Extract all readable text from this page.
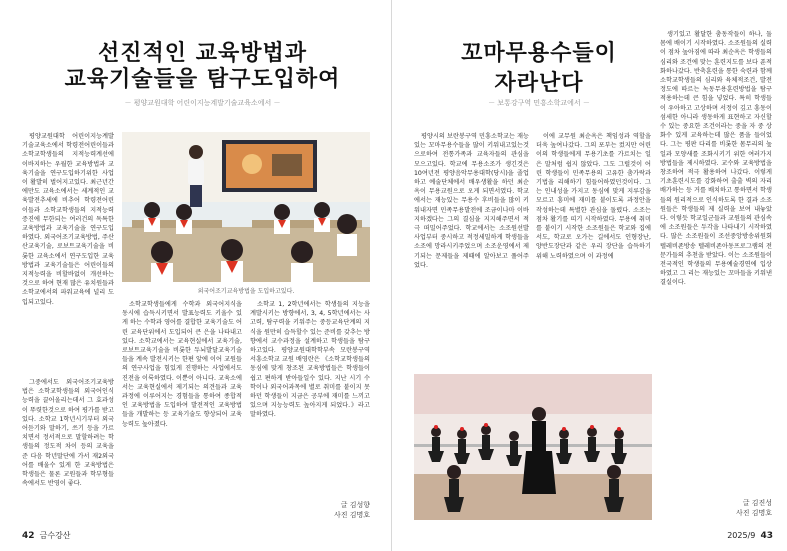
선진적인 교육방법과
교육기술들을 탐구도입하여
－ 평양교원대학 어린이지능계발기술교육소에서 －
평양교원대학 어린이지능계발기술교육소에서 학령전어린이들과 소학교학생들의 지적능력계선에 이바지하는 우월한 교육방법과 교육기술을 연구도입하기위한 사업이 활발히 벌어지고있다. 최근년간에만도 교육소에서는 세계적인 교육발전추세에 비추어 학령전어린이들과 소학교학생들의 지적능력증진에 무한되는 여러건의 독특한 교육방법과 교육기술을 연구도입하였다. 외국어조기교육방법, 주산산교육기술, 로보트교육기술을 비롯한 교육소에서 연구도입한 교육방법과 교육기술들은 어린이들의 지적능력을 비할바없이 개선하는것으로 하여 현재 많은 유치원들과 소학교에서의 파워교육에 널리 도입되고있다.
그중에서도 외국어조기교육방법은 소학교학생들의 외국어인식능력을 끌어올리는데서 그 효과성이 뚜렷한것으로 하여 평가를 받고있다. 소학교 1학년시기부터 외국어듣기와 말하기, 쓰기 등을 가르치면서 정서적으로 말할하려는 학생들의 정도적 차이 등의 교육을 준 다음 학년말단에 가서 재2외국어를 배울수 있게 한 교육방법은 학생들은 물론 교원들과 학부형들속에서도 반영이 좋다.
소학교학생들에게 수학과 외국어지식을 동시에 습득시키면서 발표능력도 키울수 있게 하는 수학과 영어를 결합한 교육기술도 어린 교육단위에서 도입되어 큰 은을 나타내고있다. 소학교에서는 교육현실에서 교육기술, 로보트교육기술을 비롯한 두뇌발달교육기술들을 계속 발전시키는 한편 앞에 이어 교원들의 연구사업을 힘있게 진행하는 사업에서도 진전을 이룩하였다. 이뿐이 아니다. 교육소에서는 교육현실에서 제기되는 의견들과 교육과정에 이루어지는 경험들을 통하여 종합적인 교육방법을 도입하여 발전적인 교육방법들을 개발하는 등 교육기술도 향상되어 교육능력도 높아졌다.
소학교 1, 2학년에서는 학생들의 지능을 계발시키는 방향에서, 3, 4, 5학년에서는 사고력, 탐구력을 키워주는 중등교육단계의 지식을 원만히 습득할수 있는 준비를 갖추는 방향에서 교수과정을 설계하고 학생들을 탐구하고있다. 평양교원대학학부속 모란봉구역 서흥소학교 교원 배영란은 《소학교학생들의 동심에 맞게 창조된 교육방법들은 학생들이 쉽고 편하게 받아들일수 있다. 지난 시기 수학이나 외국어과목에 별로 취미를 붙이지 못하던 학생들이 지금은 공부에 재미를 느끼고있으며 지능능력도 높아지게 되었다.》라고 말하였다.
외국어조기교육방법을 도입하고있다.
글 김성향
사진 김명호
42 금수강산
꼬마무용수들이
자라난다
－ 보통강구역 민흥소학교에서 －
평양시의 보란봉구역 민흥소학교는 재능있는 꼬마무용수들을 많이 키워내고있는것으로하여 전통가족과 교육자들의 관심을 모으고있다. 학교에 무용소조가 생긴것은 10여년전 평양음악무용대학(당시)을 졸업하고 예술단체에서 배우생활을 하던 최순옥이 무용교원으로 오게 되면서였다. 학교에서는 재능있는 무용수 후비들을 많이 키워내자면 민족무용발전에 조금이나마 이바지하겠다는 그의 결심을 지지해주면서 적극 떠밀어주었다. 학교에서는 소조원선발 사업부터 중시하고 적정세밀하게 학생들을 소조에 망라시키주었으며 소조운영에서 제기되는 문제들을 제때에 알아보고 풀어주었다.
이에 교무원 최순옥은 책임성과 역할을 더욱 높여나갔다. 그의 포부는 컸지만 어린이의 학생들에게 무용기초를 가르치는 일은 말처럼 쉽지 않았다. 그도 그럴것이 어린 학생들이 민족무용의 고유한 춤가락과 기법을 리해하기 힘들어하였던것이다. 그는 인내성을 가지고 동심에 맞게 지루감을 모르고 흥미에 재미를 붙이도록 과정안을 작성하는데 특별한 관심을 돌렸다. 소조는 점차 활기를 띠기 시작하였다. 무용에 취미를 붙이기 시작한 소조원들은 학교와 집에서도, 학교로 오가는 길에서도 인형장난, 양반도장단과 같은 우리 장단을 습득하기위해 노력하였으며 이 과정에
생기있고 활달한 춤동작들이 하나, 둘 몸에 배이기 시작하였다. 소조원들의 실력이 점차 높아짐에 따라 최순옥은 학생들의 심리와 조건에 맞는 훈련지도를 보다 푼적화하나갔다. 반축훈련을 통한 숙련과 함께 소학교학생들의 심리와 육체적조건, 발전정도에 따르는 녹동무용훈련방법을 탐구적용하는데 큰 힘을 넣었다. 특히 학생들이 우아하고 고상하며 서정이 깊고 흥동이 섬세한 아니라 생동하게 표현하고 자신할 수 있는 중요한 조건이라는 중을 자 중 상화수 있게 교육하는데 많은 품을 들이었다. 그는 평판 다리를 비롯한 몸무리의 높일과 모양새를 조화시키기 위한 여러가지 방법들을 제시하였다. 교수와 교육방법을 창조하여 적극 활용하여 나갔다. 이렇게 기초훈련시도를 강화하여 출출 벽의 자리 배가하는 등 거를 배치하고 통하면서 학생들의 원리적으로 인식하도록 한 결과 소조원들은 학생들의 제 실력을 보여 내놓았다. 이렇듯 학교일군들과 교원들의 관심속에 소조원들은 두각을 나타내기 시작하였다. 많은 소조원들이 조선중앙방송위원회 텔레비죤방송 텔레비죤아동프로그램의 전문가들의 추천을 받았다. 이는 소조원들이 전국적인 학생들의 무용예술경연에 입상하였고 그 리는 재능있는 꼬마들을 키워낸 결실이다.
글 김진성
사진 김명호
2025/9 43
